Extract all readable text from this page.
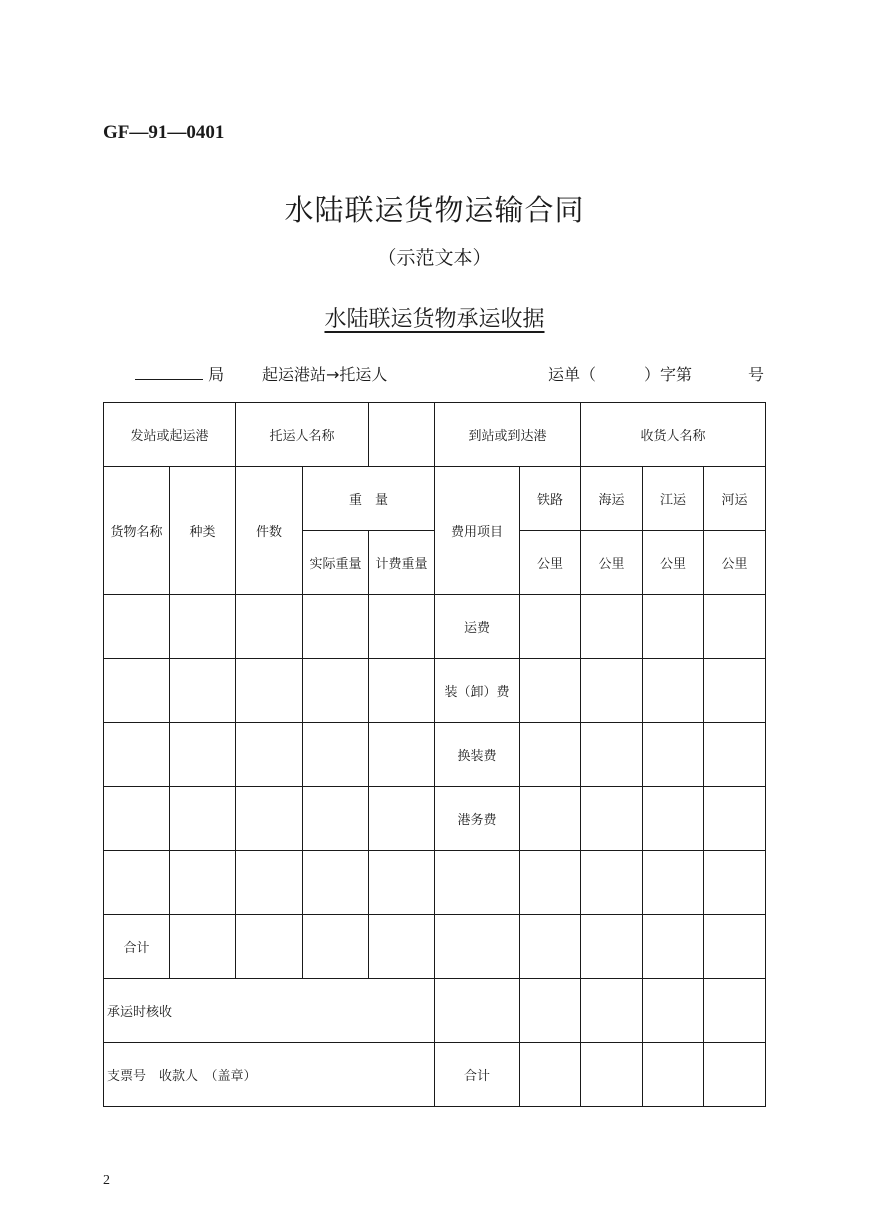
GF—91—0401
水陆联运货物运输合同
（示范文本）
水陆联运货物承运收据
局 起运港站→托运人	运单（　　　）字第	号
发站或起运港		托运人名称			到站或到达港		收货人名称		
货物名称	种类	件数	重　量		费用项目	铁路	海运	江运	河运
			实际重量	计费重量		公里	公里	公里	公里
					运费				
					装（卸）费				
					换装费				
					港务费				

合计									
承运时核收									
支票号　收款人　（盖章）					合计				
2
